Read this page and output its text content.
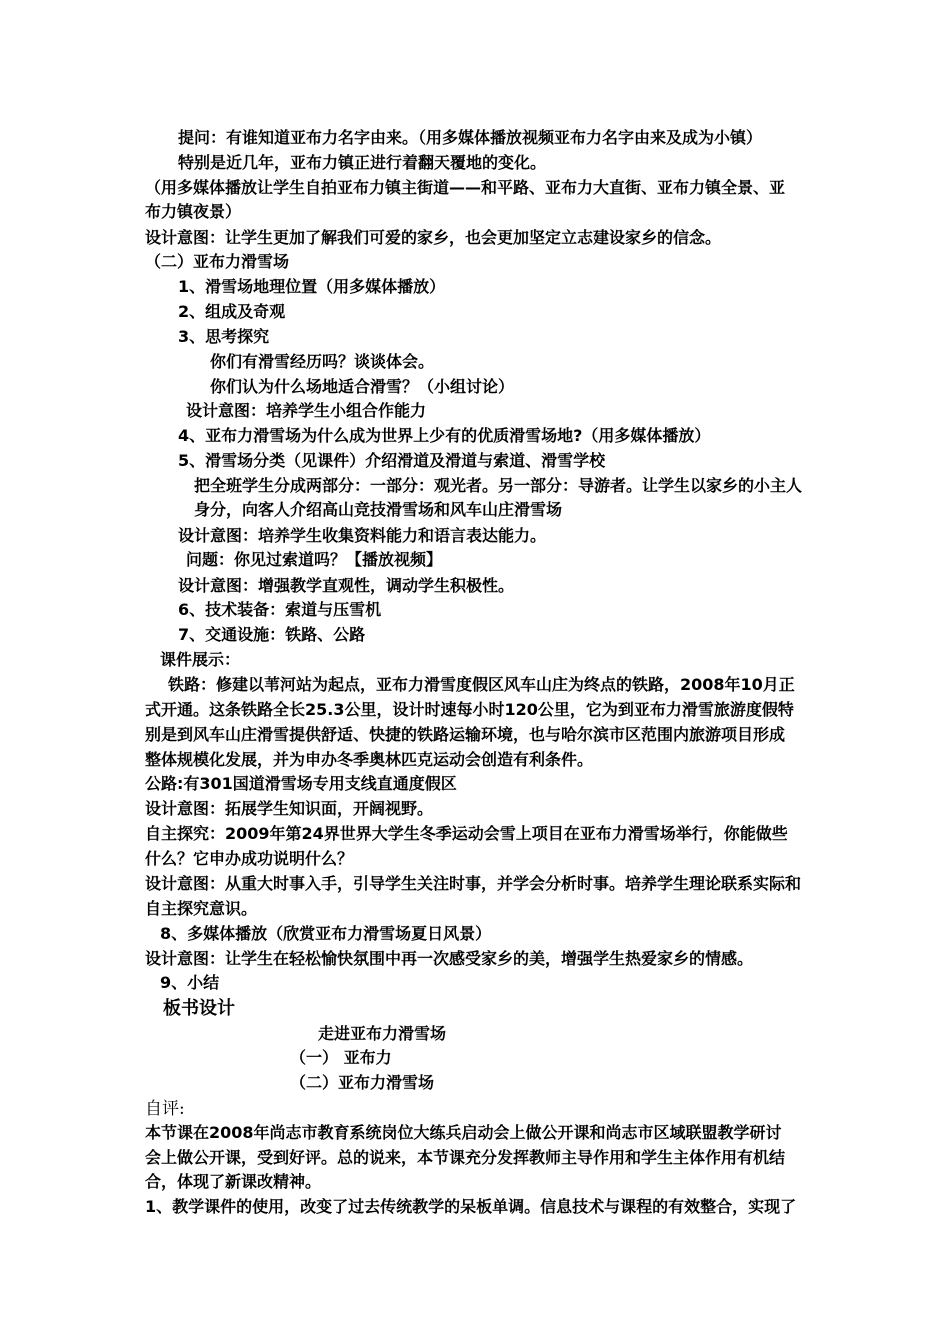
提问：有谁知道亚布力名字由来。（用多媒体播放视频亚布力名字由来及成为小镇）
特别是近几年，亚布力镇正进行着翻天覆地的变化。
（用多媒体播放让学生自拍亚布力镇主街道——和平路、亚布力大直街、亚布力镇全景、亚
布力镇夜景）
设计意图：让学生更加了解我们可爱的家乡，也会更加坚定立志建设家乡的信念。
（二）亚布力滑雪场
1、滑雪场地理位置（用多媒体播放）
2、组成及奇观
3、思考探究
你们有滑雪经历吗？谈谈体会。
你们认为什么场地适合滑雪？（小组讨论）
设计意图：培养学生小组合作能力
4、亚布力滑雪场为什么成为世界上少有的优质滑雪场地?（用多媒体播放）
5、滑雪场分类（见课件）介绍滑道及滑道与索道、滑雪学校
把全班学生分成两部分：一部分：观光者。另一部分：导游者。让学生以家乡的小主人
身分，向客人介绍高山竞技滑雪场和风车山庄滑雪场
设计意图：培养学生收集资料能力和语言表达能力。
问题：你见过索道吗？【播放视频】
设计意图：增强教学直观性，调动学生积极性。
6、技术装备：索道与压雪机
7、交通设施：铁路、公路
课件展示：
铁路：修建以苇河站为起点，亚布力滑雪度假区风车山庄为终点的铁路，2008年10月正
式开通。这条铁路全长25.3公里，设计时速每小时120公里，它为到亚布力滑雪旅游度假特
别是到风车山庄滑雪提供舒适、快捷的铁路运输环境，也与哈尔滨市区范围内旅游项目形成
整体规模化发展，并为申办冬季奥林匹克运动会创造有利条件。
公路:有301国道滑雪场专用支线直通度假区
设计意图：拓展学生知识面，开阔视野。
自主探究：2009年第24界世界大学生冬季运动会雪上项目在亚布力滑雪场举行，你能做些
什么？它申办成功说明什么？
设计意图：从重大时事入手，引导学生关注时事，并学会分析时事。培养学生理论联系实际和
自主探究意识。
8、多媒体播放（欣赏亚布力滑雪场夏日风景）
设计意图：让学生在轻松愉快氛围中再一次感受家乡的美，增强学生热爱家乡的情感。
9、小结
板书设计
走进亚布力滑雪场
（一） 亚布力
（二）亚布力滑雪场
自评:
本节课在2008年尚志市教育系统岗位大练兵启动会上做公开课和尚志市区域联盟教学研讨
会上做公开课，受到好评。总的说来，本节课充分发挥教师主导作用和学生主体作用有机结
合，体现了新课改精神。
1、教学课件的使用，改变了过去传统教学的呆板单调。信息技术与课程的有效整合，实现了
